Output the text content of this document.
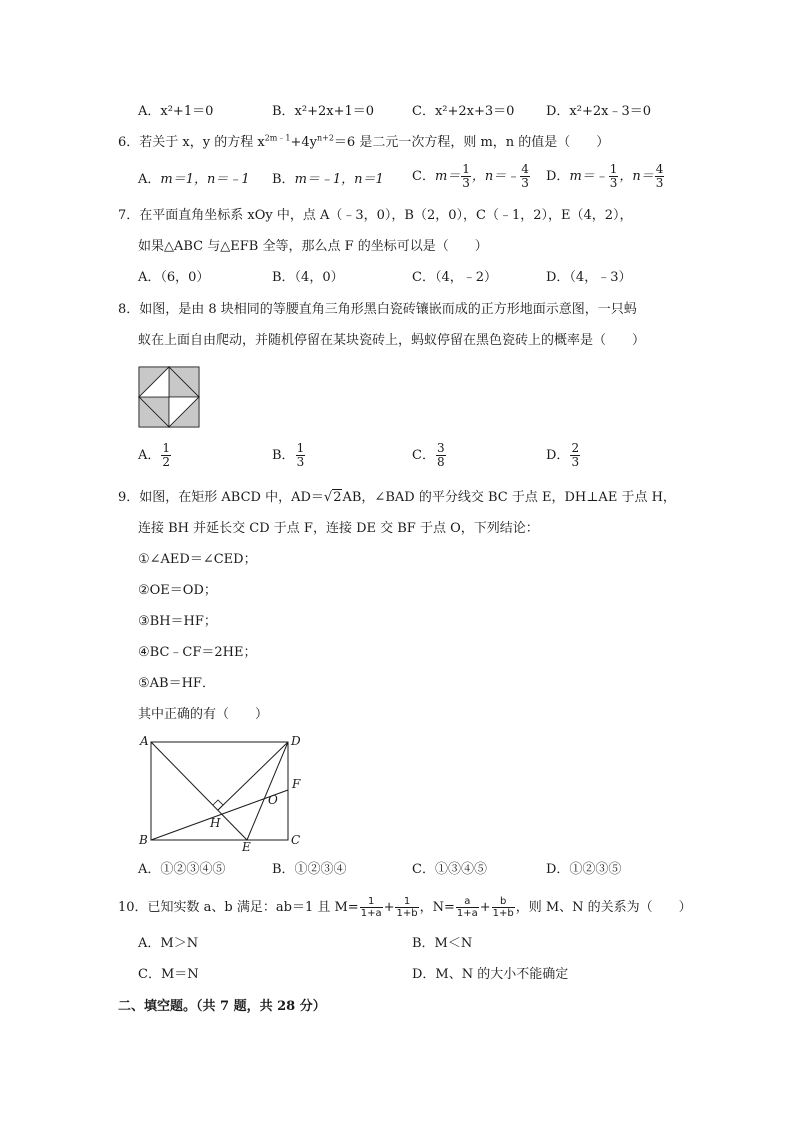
A．x²+1＝0	B．x²+2x+1＝0	C．x²+2x+3＝0 D．x²+2x﹣3＝0
6．若关于 x，y 的方程 $x^{2m﹣1}+4y^{n+2}=6$ 是二元一次方程，则 m，n 的值是（　　）
A．m＝1，n＝﹣1 B．m＝﹣1，n＝1 C．$m= \frac{1}{3}$ ，n＝﹣ $\frac{4}{3}$ D．m＝﹣ $\frac{1}{3}$ ，$n= \frac{4}{3}$
7．在平面直角坐标系 xOy 中，点 A（﹣3，0），B（2，0），C（﹣1，2），E（4，2），
如果△ABC 与△EFB 全等，那么点 F 的坐标可以是（　　）
A．（6，0）	B．（4，0）	C．（4，﹣2）	D．（4，﹣3）
8．如图，是由 8 块相同的等腰直角三角形黑白瓷砖镶嵌而成的正方形地面示意图，一只蚂
蚁在上面自由爬动，并随机停留在某块瓷砖上，蚂蚁停留在黑色瓷砖上的概率是（　　）
A． $\frac{1}{2}$	B． $\frac{1}{3}$	C． $\frac{3}{8}$	D． $\frac{2}{3}$
9．如图，在矩形 ABCD 中，AD＝√2AB，∠BAD 的平分线交 BC 于点 E，DH⊥AE 于点 H，
连接 BH 并延长交 CD 于点 F，连接 DE 交 BF 于点 O，下列结论：
①∠AED＝∠CED；
②OE＝OD；
③BH＝HF；
④BC﹣CF＝2HE；
⑤AB＝HF．
其中正确的有（　　）
A	D
F
O
H
B	E	C
A．①②③④⑤	B．①②③④	C．①③④⑤	D．①②③⑤
10．已知实数 a、b 满足：ab＝1 且 $M= \frac{1}{1+a} + \frac{1}{1+b}$ ，$N= \frac{a}{1+a} + \frac{b}{1+b}$ ，则 M、N 的关系为（　　）
A．M＞N	B．M＜N
C．M＝N	D．M、N 的大小不能确定
二、填空题。（共 7 题，共 28 分）
